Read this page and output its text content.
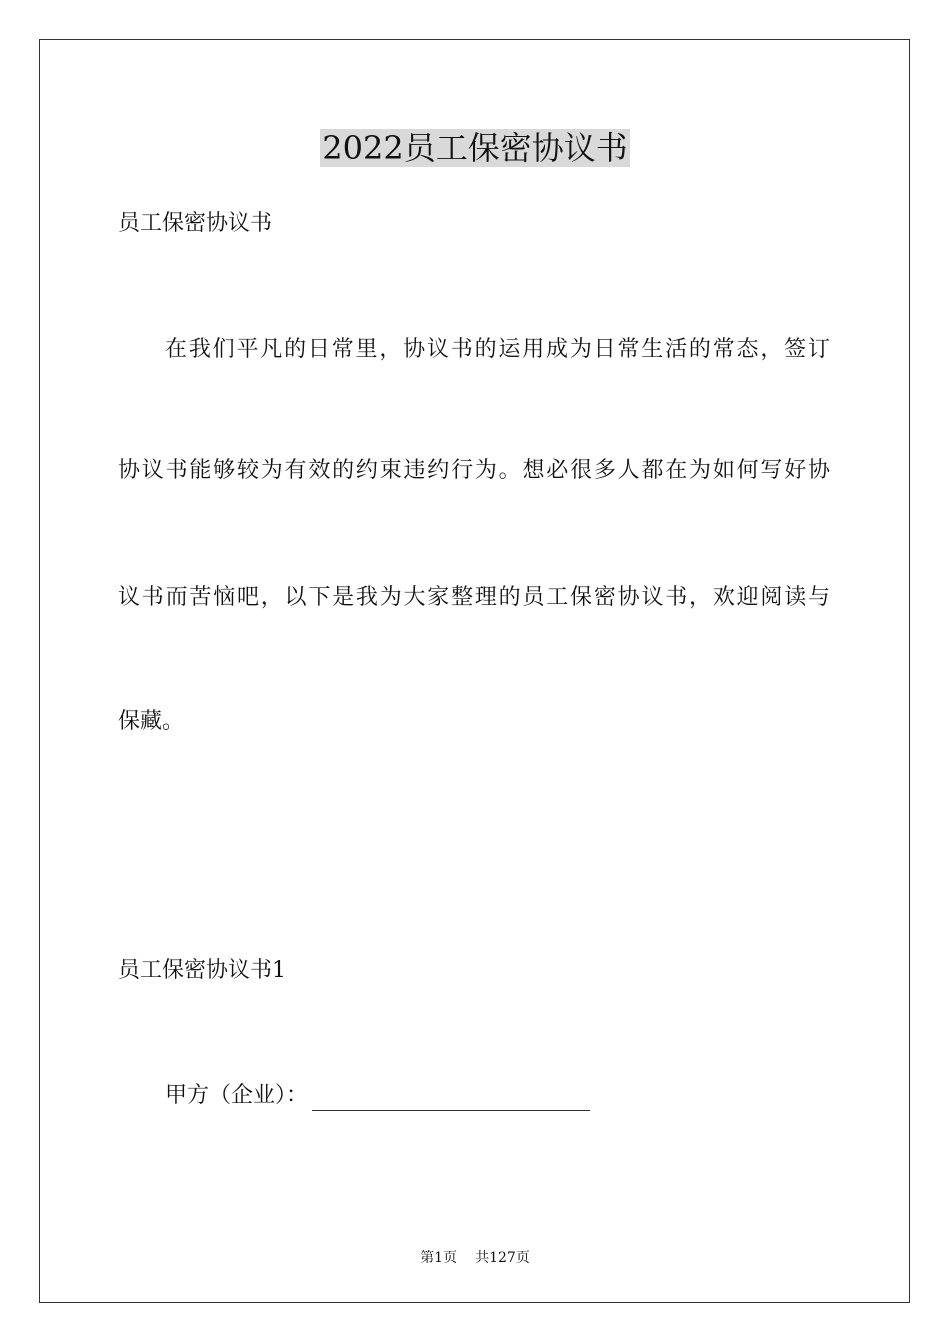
2022员工保密协议书
员工保密协议书
在我们平凡的日常里，协议书的运用成为日常生活的常态，签订
协议书能够较为有效的约束违约行为。想必很多人都在为如何写好协
议书而苦恼吧，以下是我为大家整理的员工保密协议书，欢迎阅读与
保藏。
员工保密协议书1
甲方（企业）：
第1页 共127页
